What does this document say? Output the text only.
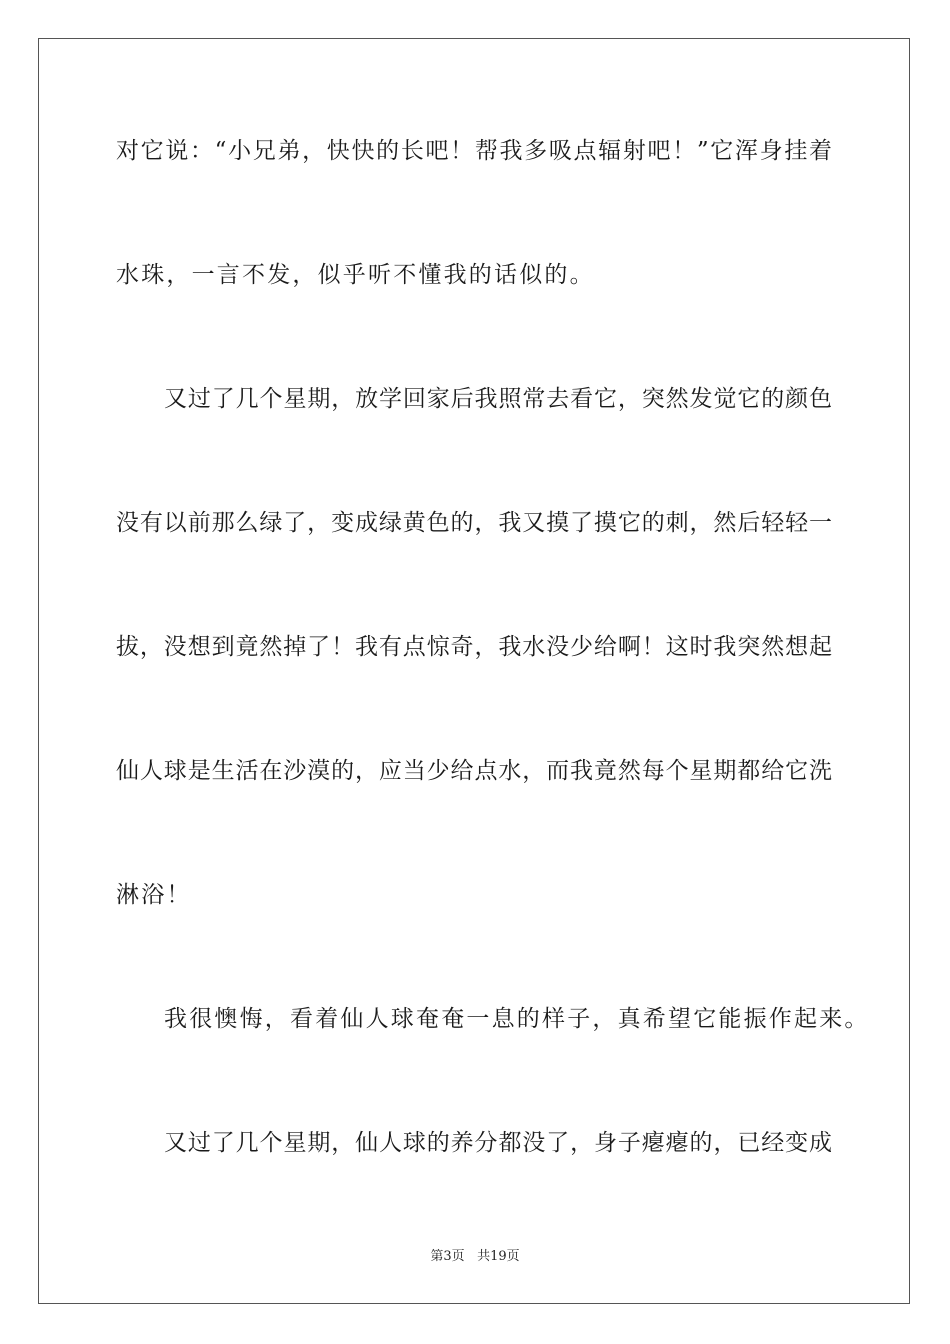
对它说：“小兄弟，快快的长吧！帮我多吸点辐射吧！”它浑身挂着
水珠，一言不发，似乎听不懂我的话似的。
又过了几个星期，放学回家后我照常去看它，突然发觉它的颜色
没有以前那么绿了，变成绿黄色的，我又摸了摸它的刺，然后轻轻一
拔，没想到竟然掉了！我有点惊奇，我水没少给啊！这时我突然想起
仙人球是生活在沙漠的，应当少给点水，而我竟然每个星期都给它洗
淋浴！
我很懊悔，看着仙人球奄奄一息的样子，真希望它能振作起来。
又过了几个星期，仙人球的养分都没了，身子瘪瘪的，已经变成
第3页 共19页
